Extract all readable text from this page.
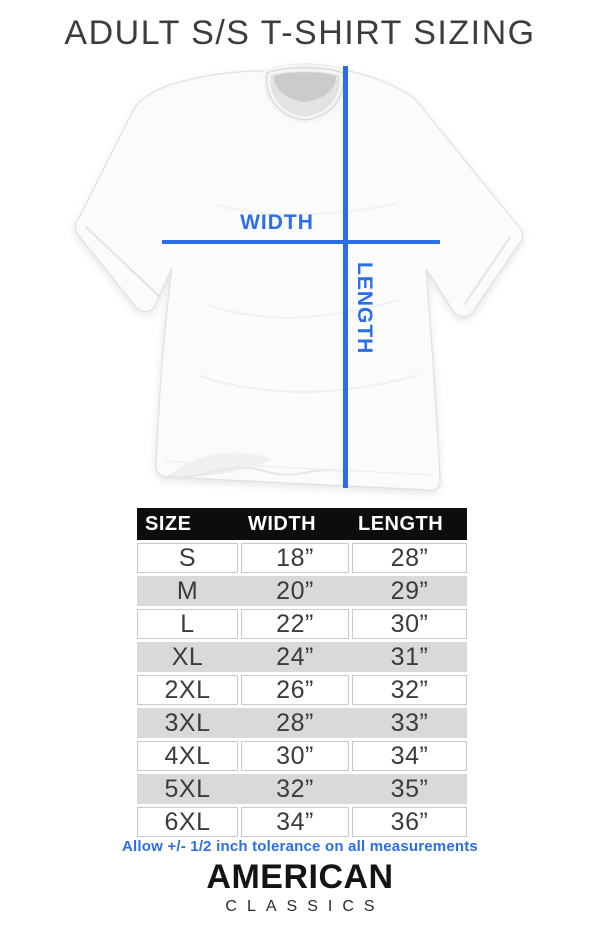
ADULT S/S T-SHIRT SIZING
WIDTH
LENGTH
SIZE	WIDTH	LENGTH
S	18”	28”
M	20”	29”
L	22”	30”
XL	24”	31”
2XL	26”	32”
3XL	28”	33”
4XL	30”	34”
5XL	32”	35”
6XL	34”	36”
Allow +/- 1/2 inch tolerance on all measurements
AMERICAN
CLASSICS
